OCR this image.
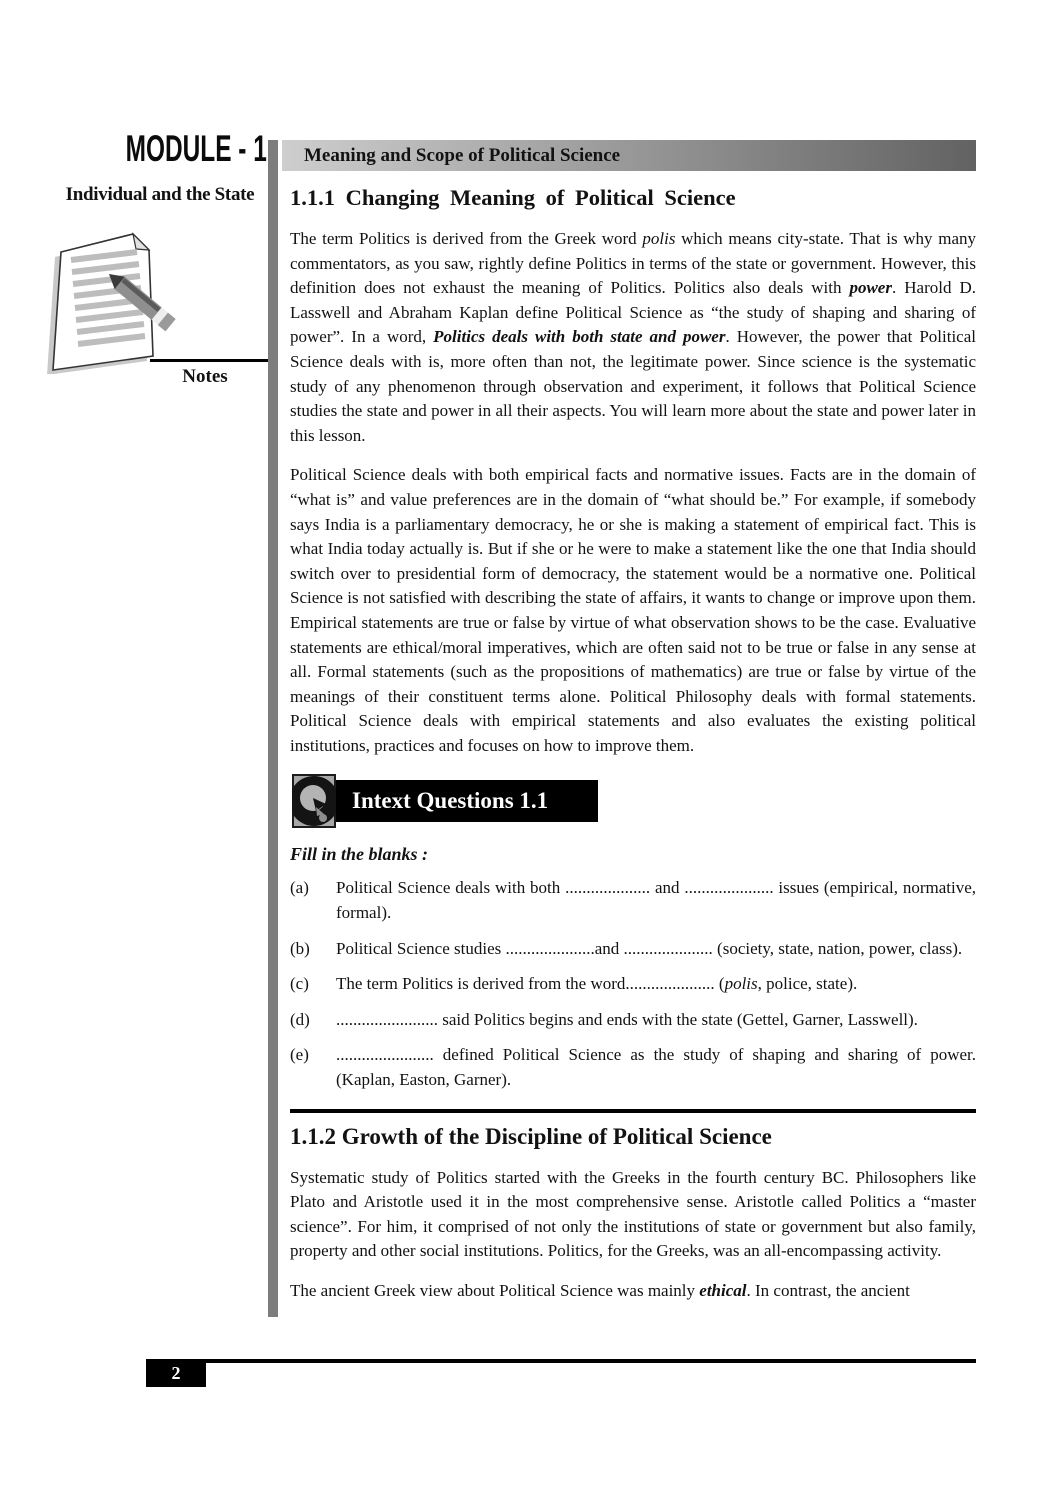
MODULE - 1
Individual and the State
Notes
Meaning and Scope of Political Science
1.1.1 Changing Meaning of Political Science

The term Politics is derived from the Greek word polis which means city-state. That is why many commentators, as you saw, rightly define Politics in terms of the state or government. However, this definition does not exhaust the meaning of Politics. Politics also deals with power. Harold D. Lasswell and Abraham Kaplan define Political Science as “the study of shaping and sharing of power”. In a word, Politics deals with both state and power. However, the power that Political Science deals with is, more often than not, the legitimate power. Since science is the systematic study of any phenomenon through observation and experiment, it follows that Political Science studies the state and power in all their aspects. You will learn more about the state and power later in this lesson.

Political Science deals with both empirical facts and normative issues. Facts are in the domain of “what is” and value preferences are in the domain of “what should be.” For example, if somebody says India is a parliamentary democracy, he or she is making a statement of empirical fact. This is what India today actually is. But if she or he were to make a statement like the one that India should switch over to presidential form of democracy, the statement would be a normative one. Political Science is not satisfied with describing the state of affairs, it wants to change or improve upon them. Empirical statements are true or false by virtue of what observation shows to be the case. Evaluative statements are ethical/moral imperatives, which are often said not to be true or false in any sense at all. Formal statements (such as the propositions of mathematics) are true or false by virtue of the meanings of their constituent terms alone. Political Philosophy deals with formal statements. Political Science deals with empirical statements and also evaluates the existing political institutions, practices and focuses on how to improve them.

Intext Questions 1.1
Fill in the blanks :
(a)	Political Science deals with both .................... and ..................... issues (empirical, normative, formal).
(b)	Political Science studies .....................and ..................... (society, state, nation, power, class).
(c)	The term Politics is derived from the word..................... (polis, police, state).
(d)	........................ said Politics begins and ends with the state (Gettel, Garner, Lasswell).
(e)	....................... defined Political Science as the study of shaping and sharing of power. (Kaplan, Easton, Garner).
1.1.2 Growth of the Discipline of Political Science

Systematic study of Politics started with the Greeks in the fourth century BC. Philosophers like Plato and Aristotle used it in the most comprehensive sense. Aristotle called Politics a “master science”. For him, it comprised of not only the institutions of state or government but also family, property and other social institutions. Politics, for the Greeks, was an all-encompassing activity.

The ancient Greek view about Political Science was mainly ethical. In contrast, the ancient

2
